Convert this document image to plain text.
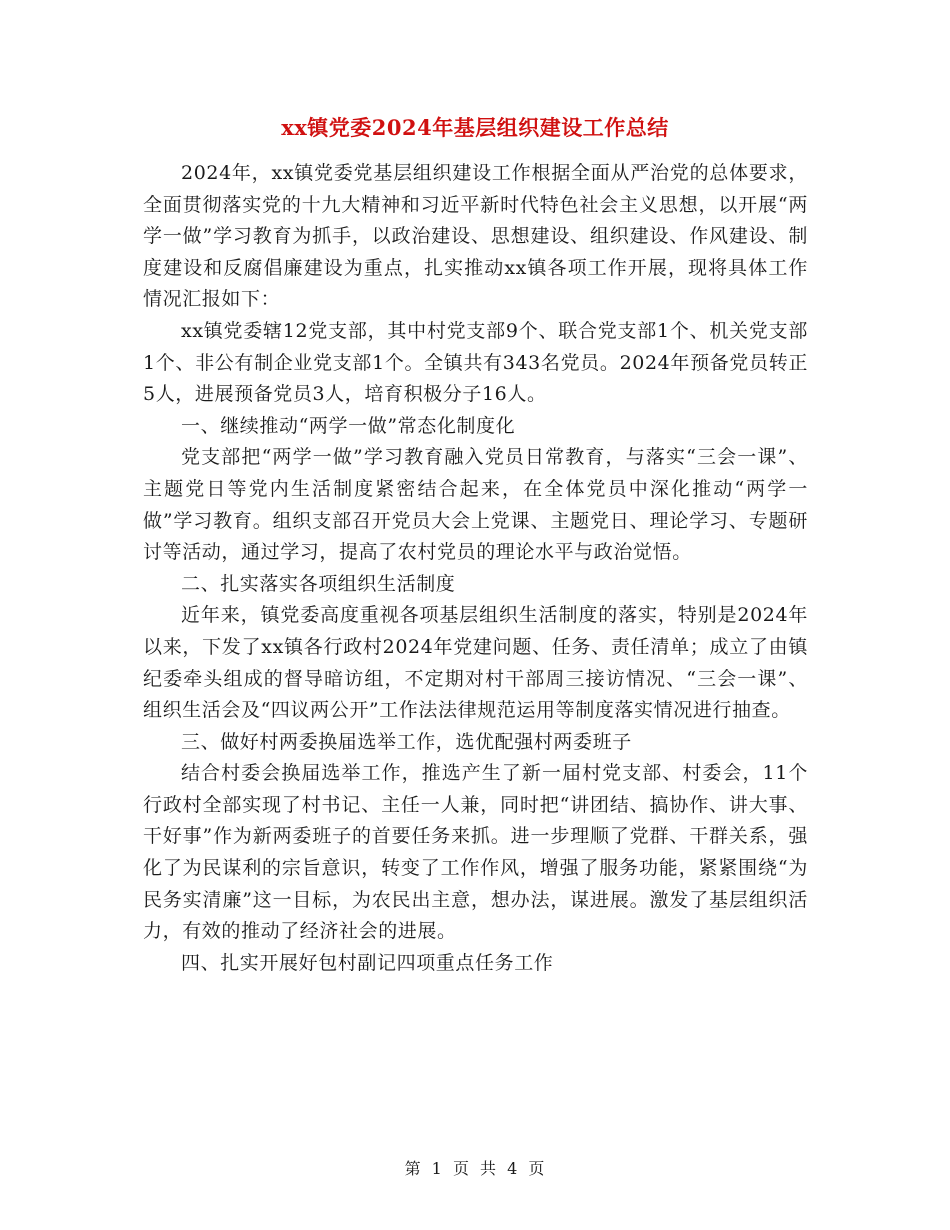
xx镇党委2024年基层组织建设工作总结

2024年，xx镇党委党基层组织建设工作根据全面从严治党的总体要求，全面贯彻落实党的十九大精神和习近平新时代特色社会主义思想，以开展“两学一做”学习教育为抓手，以政治建设、思想建设、组织建设、作风建设、制度建设和反腐倡廉建设为重点，扎实推动xx镇各项工作开展，现将具体工作情况汇报如下：

xx镇党委辖12党支部，其中村党支部9个、联合党支部1个、机关党支部1个、非公有制企业党支部1个。全镇共有343名党员。2024年预备党员转正5人，进展预备党员3人，培育积极分子16人。

一、继续推动“两学一做”常态化制度化

党支部把“两学一做”学习教育融入党员日常教育，与落实“三会一课”、主题党日等党内生活制度紧密结合起来，在全体党员中深化推动“两学一做”学习教育。组织支部召开党员大会上党课、主题党日、理论学习、专题研讨等活动，通过学习，提高了农村党员的理论水平与政治觉悟。

二、扎实落实各项组织生活制度

近年来，镇党委高度重视各项基层组织生活制度的落实，特别是2024年以来，下发了xx镇各行政村2024年党建问题、任务、责任清单；成立了由镇纪委牵头组成的督导暗访组，不定期对村干部周三接访情况、“三会一课”、组织生活会及“四议两公开”工作法法律规范运用等制度落实情况进行抽查。

三、做好村两委换届选举工作，选优配强村两委班子

结合村委会换届选举工作，推选产生了新一届村党支部、村委会，11个行政村全部实现了村书记、主任一人兼，同时把“讲团结、搞协作、讲大事、干好事”作为新两委班子的首要任务来抓。进一步理顺了党群、干群关系，强化了为民谋利的宗旨意识，转变了工作作风，增强了服务功能，紧紧围绕“为民务实清廉”这一目标，为农民出主意，想办法，谋进展。激发了基层组织活力，有效的推动了经济社会的进展。

四、扎实开展好包村副记四项重点任务工作

第 1 页 共 4 页
